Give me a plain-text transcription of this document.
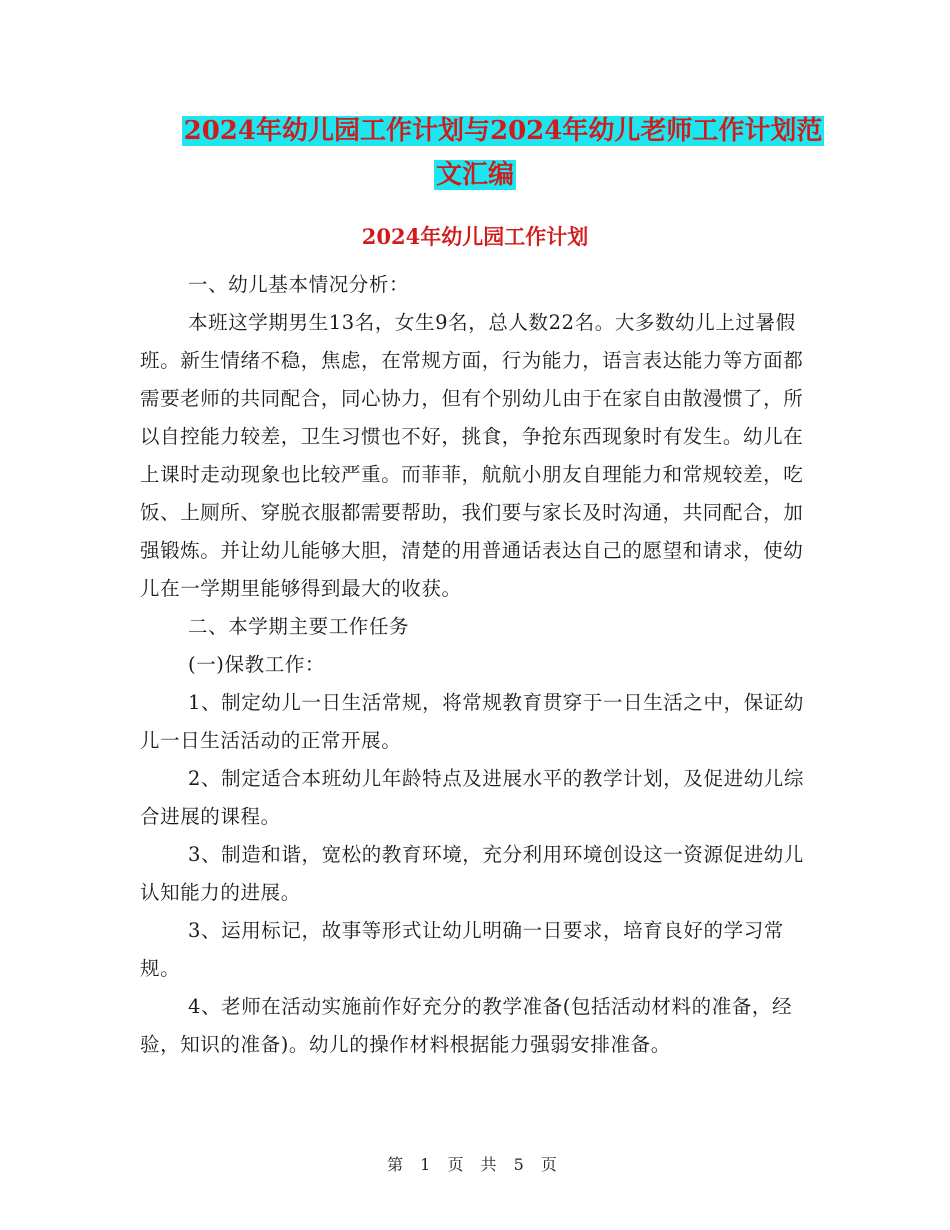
2024年幼儿园工作计划与2024年幼儿老师工作计划范
文汇编
2024年幼儿园工作计划

一、幼儿基本情况分析：

本班这学期男生13名，女生9名，总人数22名。大多数幼儿上过暑假班。新生情绪不稳，焦虑，在常规方面，行为能力，语言表达能力等方面都需要老师的共同配合，同心协力，但有个别幼儿由于在家自由散漫惯了，所以自控能力较差，卫生习惯也不好，挑食，争抢东西现象时有发生。幼儿在上课时走动现象也比较严重。而菲菲，航航小朋友自理能力和常规较差，吃饭、上厕所、穿脱衣服都需要帮助，我们要与家长及时沟通，共同配合，加强锻炼。并让幼儿能够大胆，清楚的用普通话表达自己的愿望和请求，使幼儿在一学期里能够得到最大的收获。

二、本学期主要工作任务

(一)保教工作：

1、制定幼儿一日生活常规，将常规教育贯穿于一日生活之中，保证幼儿一日生活活动的正常开展。

2、制定适合本班幼儿年龄特点及进展水平的教学计划，及促进幼儿综合进展的课程。

3、制造和谐，宽松的教育环境，充分利用环境创设这一资源促进幼儿认知能力的进展。

3、运用标记，故事等形式让幼儿明确一日要求，培育良好的学习常规。

4、老师在活动实施前作好充分的教学准备(包括活动材料的准备，经验，知识的准备)。幼儿的操作材料根据能力强弱安排准备。

第 1 页 共 5 页
